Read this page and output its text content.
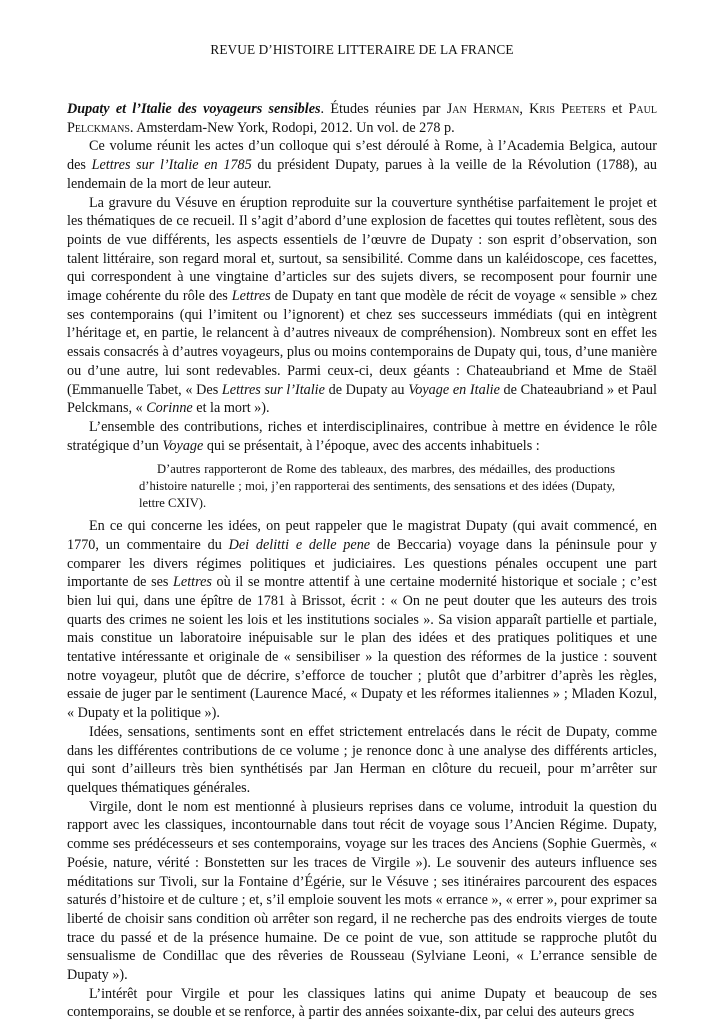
REVUE D’HISTOIRE LITTERAIRE DE LA FRANCE

Dupaty et l’Italie des voyageurs sensibles. Études réunies par Jan Herman, Kris Peeters et Paul Pelckmans. Amsterdam-New York, Rodopi, 2012. Un vol. de 278 p.

Ce volume réunit les actes d’un colloque qui s’est déroulé à Rome, à l’Academia Belgica, autour des Lettres sur l’Italie en 1785 du président Dupaty, parues à la veille de la Révolution (1788), au lendemain de la mort de leur auteur.

La gravure du Vésuve en éruption reproduite sur la couverture synthétise parfaitement le projet et les thématiques de ce recueil. Il s’agit d’abord d’une explosion de facettes qui toutes reflètent, sous des points de vue différents, les aspects essentiels de l’œuvre de Dupaty : son esprit d’observation, son talent littéraire, son regard moral et, surtout, sa sensibilité. Comme dans un kaléidoscope, ces facettes, qui correspondent à une vingtaine d’articles sur des sujets divers, se recomposent pour fournir une image cohérente du rôle des Lettres de Dupaty en tant que modèle de récit de voyage « sensible » chez ses contemporains (qui l’imitent ou l’ignorent) et chez ses successeurs immédiats (qui en intègrent l’héritage et, en partie, le relancent à d’autres niveaux de compréhension). Nombreux sont en effet les essais consacrés à d’autres voyageurs, plus ou moins contemporains de Dupaty qui, tous, d’une manière ou d’une autre, lui sont redevables. Parmi ceux-ci, deux géants : Chateaubriand et Mme de Staël (Emmanuelle Tabet, « Des Lettres sur l’Italie de Dupaty au Voyage en Italie de Chateaubriand » et Paul Pelckmans, « Corinne et la mort »).

L’ensemble des contributions, riches et interdisciplinaires, contribue à mettre en évidence le rôle stratégique d’un Voyage qui se présentait, à l’époque, avec des accents inhabituels :

D’autres rapporteront de Rome des tableaux, des marbres, des médailles, des productions d’histoire naturelle ; moi, j’en rapporterai des sentiments, des sensations et des idées (Dupaty, lettre CXIV).

En ce qui concerne les idées, on peut rappeler que le magistrat Dupaty (qui avait commencé, en 1770, un commentaire du Dei delitti e delle pene de Beccaria) voyage dans la péninsule pour y comparer les divers régimes politiques et judiciaires. Les questions pénales occupent une part importante de ses Lettres où il se montre attentif à une certaine modernité historique et sociale ; c’est bien lui qui, dans une épître de 1781 à Brissot, écrit : « On ne peut douter que les auteurs des trois quarts des crimes ne soient les lois et les institutions sociales ». Sa vision apparaît partielle et partiale, mais constitue un laboratoire inépuisable sur le plan des idées et des pratiques politiques et une tentative intéressante et originale de « sensibiliser » la question des réformes de la justice : souvent notre voyageur, plutôt que de décrire, s’efforce de toucher ; plutôt que d’arbitrer d’après les règles, essaie de juger par le sentiment (Laurence Macé, « Dupaty et les réformes italiennes » ; Mladen Kozul, « Dupaty et la politique »).

Idées, sensations, sentiments sont en effet strictement entrelacés dans le récit de Dupaty, comme dans les différentes contributions de ce volume ; je renonce donc à une analyse des différents articles, qui sont d’ailleurs très bien synthétisés par Jan Herman en clôture du recueil, pour m’arrêter sur quelques thématiques générales.

Virgile, dont le nom est mentionné à plusieurs reprises dans ce volume, introduit la question du rapport avec les classiques, incontournable dans tout récit de voyage sous l’Ancien Régime. Dupaty, comme ses prédécesseurs et ses contemporains, voyage sur les traces des Anciens (Sophie Guermès, « Poésie, nature, vérité : Bonstetten sur les traces de Virgile »). Le souvenir des auteurs influence ses méditations sur Tivoli, sur la Fontaine d’Égérie, sur le Vésuve ; ses itinéraires parcourent des espaces saturés d’histoire et de culture ; et, s’il emploie souvent les mots « errance », « errer », pour exprimer sa liberté de choisir sans condition où arrêter son regard, il ne recherche pas des endroits vierges de toute trace du passé et de la présence humaine. De ce point de vue, son attitude se rapproche plutôt du sensualisme de Condillac que des rêveries de Rousseau (Sylviane Leoni, « L’errance sensible de Dupaty »).

L’intérêt pour Virgile et pour les classiques latins qui anime Dupaty et beaucoup de ses contemporains, se double et se renforce, à partir des années soixante-dix, par celui des auteurs grecs
